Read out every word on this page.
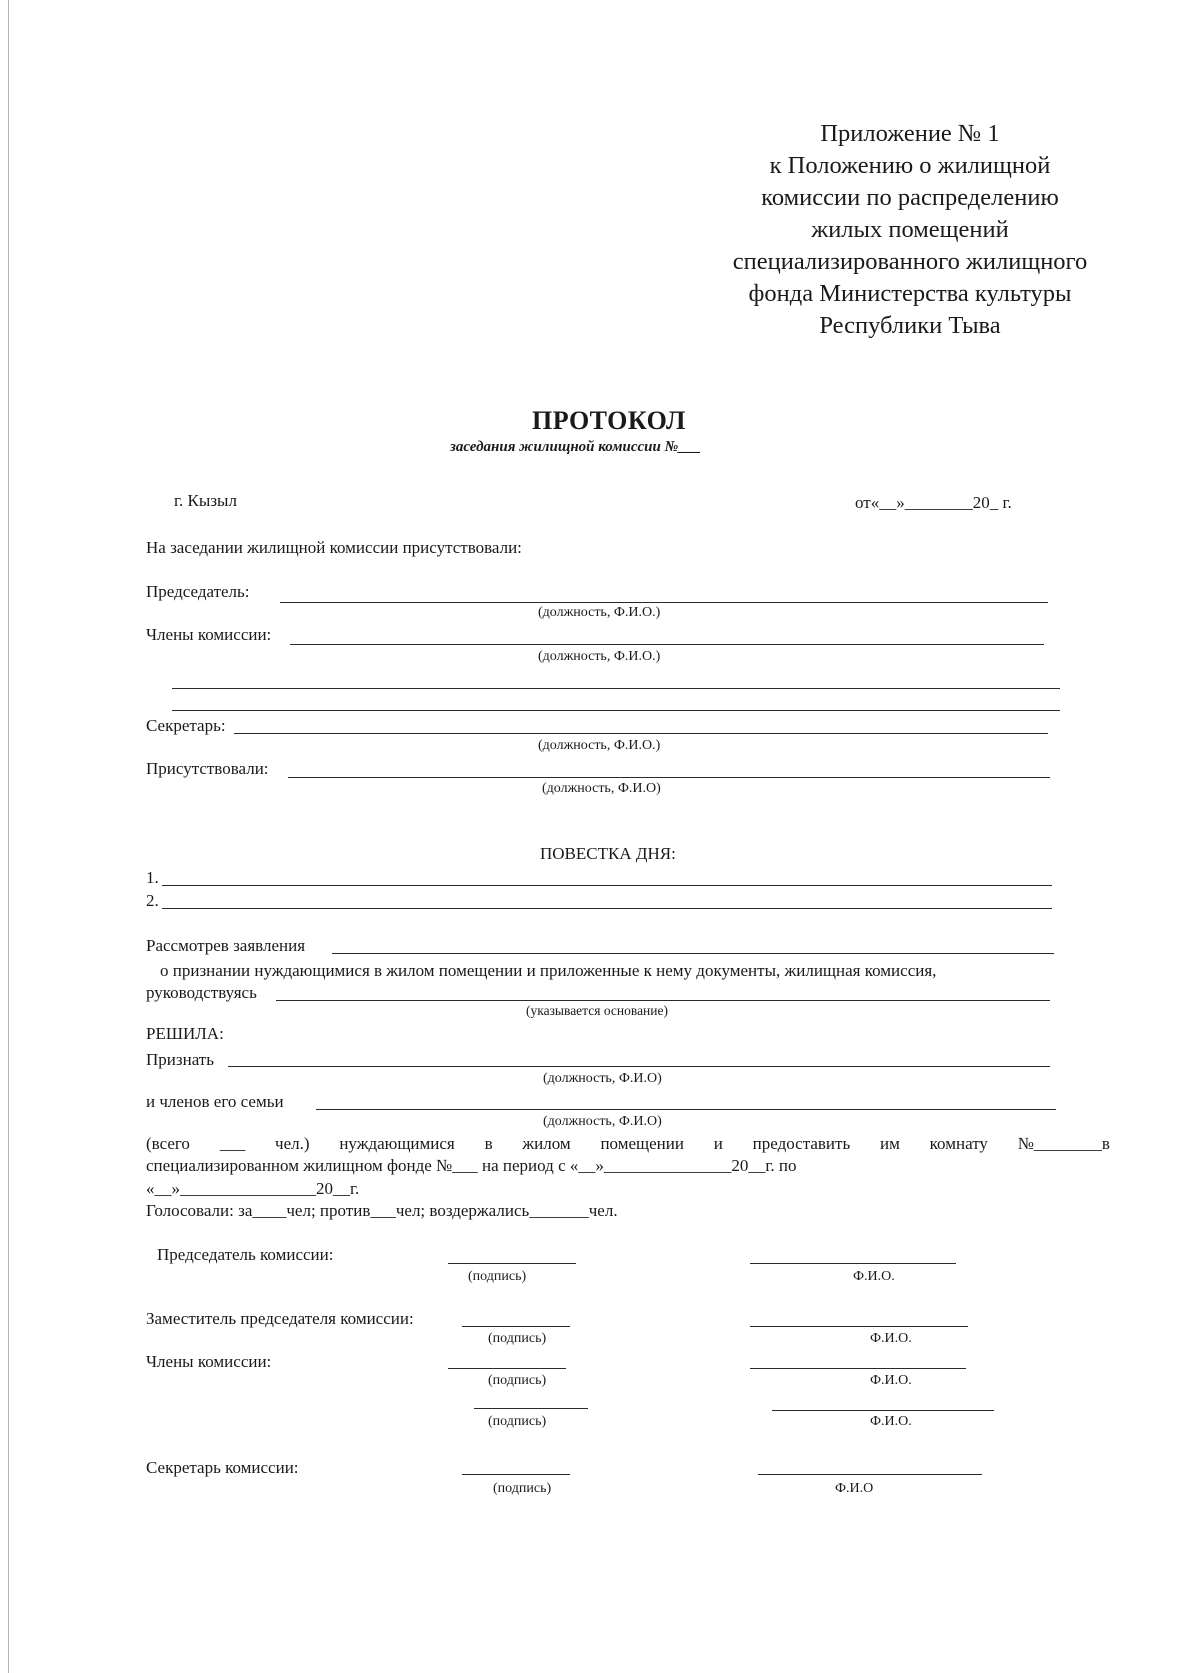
Приложение № 1
к Положению о жилищной
комиссии по распределению
жилых помещений
специализированного жилищного
фонда Министерства культуры
Республики Тыва
ПРОТОКОЛ
заседания жилищной комиссии №___
г. Кызыл	от«__»________20_ г.
На заседании жилищной комиссии присутствовали:
Председатель:
(должность, Ф.И.О.)
Члены комиссии:
(должность, Ф.И.О.)
Секретарь:
(должность, Ф.И.О.)
Присутствовали:
(должность, Ф.И.О)
ПОВЕСТКА ДНЯ:
1.
2.
Рассмотрев заявления
о признании нуждающимися в жилом помещении и приложенные к нему документы, жилищная комиссия,
руководствуясь
(указывается основание)
РЕШИЛА:
Признать
(должность, Ф.И.О)
и членов его семьи
(должность, Ф.И.О)
(всего ___ чел.) нуждающимися в жилом помещении и предоставить им комнату №________в
специализированном жилищном фонде №___ на период с «__»_______________20__г. по
«__»________________20__г.
Голосовали: за____чел; против___чел; воздержались_______чел.
Председатель комиссии:
(подпись)	Ф.И.О.
Заместитель председателя комиссии:
(подпись)	Ф.И.О.
Члены комиссии:
(подпись)	Ф.И.О.
(подпись)	Ф.И.О.
Секретарь комиссии:
(подпись)	Ф.И.О
